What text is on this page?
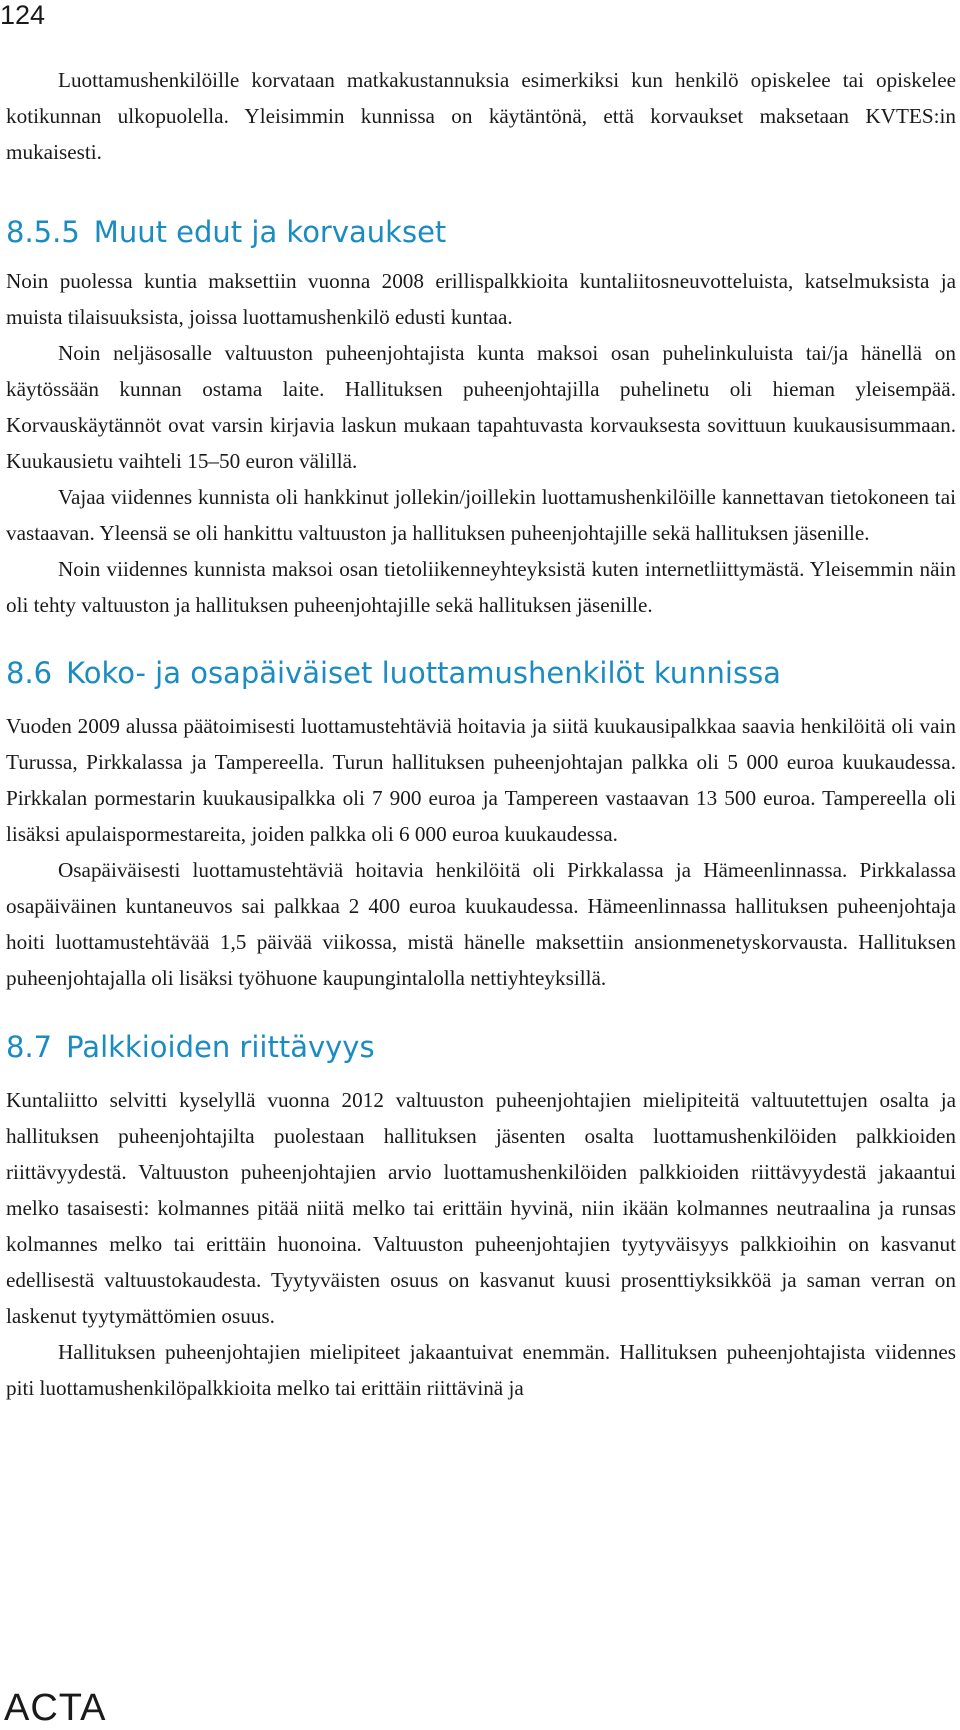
124

Luottamushenkilöille korvataan matkakustannuksia esimerkiksi kun henkilö opiskelee tai opiskelee kotikunnan ulkopuolella. Yleisimmin kunnissa on käytäntönä, että korvaukset maksetaan KVTES:in mukaisesti.

8.5.5 Muut edut ja korvaukset

Noin puolessa kuntia maksettiin vuonna 2008 erillispalkkioita kuntaliitosneuvotteluista, katselmuksista ja muista tilaisuuksista, joissa luottamushenkilö edusti kuntaa.

Noin neljäsosalle valtuuston puheenjohtajista kunta maksoi osan puhelinkuluista tai/ja hänellä on käytössään kunnan ostama laite. Hallituksen puheenjohtajilla puhelinetu oli hieman yleisempää. Korvauskäytännöt ovat varsin kirjavia laskun mukaan tapahtuvasta korvauksesta sovittuun kuukausisummaan. Kuukausietu vaihteli 15–50 euron välillä.

Vajaa viidennes kunnista oli hankkinut jollekin/joillekin luottamushenkilöille kannettavan tietokoneen tai vastaavan. Yleensä se oli hankittu valtuuston ja hallituksen puheenjohtajille sekä hallituksen jäsenille.

Noin viidennes kunnista maksoi osan tietoliikenneyhteyksistä kuten internetliittymästä. Yleisemmin näin oli tehty valtuuston ja hallituksen puheenjohtajille sekä hallituksen jäsenille.

8.6 Koko- ja osapäiväiset luottamushenkilöt kunnissa

Vuoden 2009 alussa päätoimisesti luottamustehtäviä hoitavia ja siitä kuukausipalkkaa saavia henkilöitä oli vain Turussa, Pirkkalassa ja Tampereella. Turun hallituksen puheenjohtajan palkka oli 5 000 euroa kuukaudessa. Pirkkalan pormestarin kuukausipalkka oli 7 900 euroa ja Tampereen vastaavan 13 500 euroa. Tampereella oli lisäksi apulaispormestareita, joiden palkka oli 6 000 euroa kuukaudessa.

Osapäiväisesti luottamustehtäviä hoitavia henkilöitä oli Pirkkalassa ja Hämeenlinnassa. Pirkkalassa osapäiväinen kuntaneuvos sai palkkaa 2 400 euroa kuukaudessa. Hämeenlinnassa hallituksen puheenjohtaja hoiti luottamustehtävää 1,5 päivää viikossa, mistä hänelle maksettiin ansionmenetyskorvausta. Hallituksen puheenjohtajalla oli lisäksi työhuone kaupungintalolla nettiyhteyksillä.

8.7 Palkkioiden riittävyys

Kuntaliitto selvitti kyselyllä vuonna 2012 valtuuston puheenjohtajien mielipiteitä valtuutettujen osalta ja hallituksen puheenjohtajilta puolestaan hallituksen jäsenten osalta luottamushenkilöiden palkkioiden riittävyydestä. Valtuuston puheenjohtajien arvio luottamushenkilöiden palkkioiden riittävyydestä jakaantui melko tasaisesti: kolmannes pitää niitä melko tai erittäin hyvinä, niin ikään kolmannes neutraalina ja runsas kolmannes melko tai erittäin huonoina. Valtuuston puheenjohtajien tyytyväisyys palkkioihin on kasvanut edellisestä valtuustokaudesta. Tyytyväisten osuus on kasvanut kuusi prosenttiyksikköä ja saman verran on laskenut tyytymättömien osuus.

Hallituksen puheenjohtajien mielipiteet jakaantuivat enemmän. Hallituksen puheenjohtajista viidennes piti luottamushenkilöpalkkioita melko tai erittäin riittävinä ja

ACTA
